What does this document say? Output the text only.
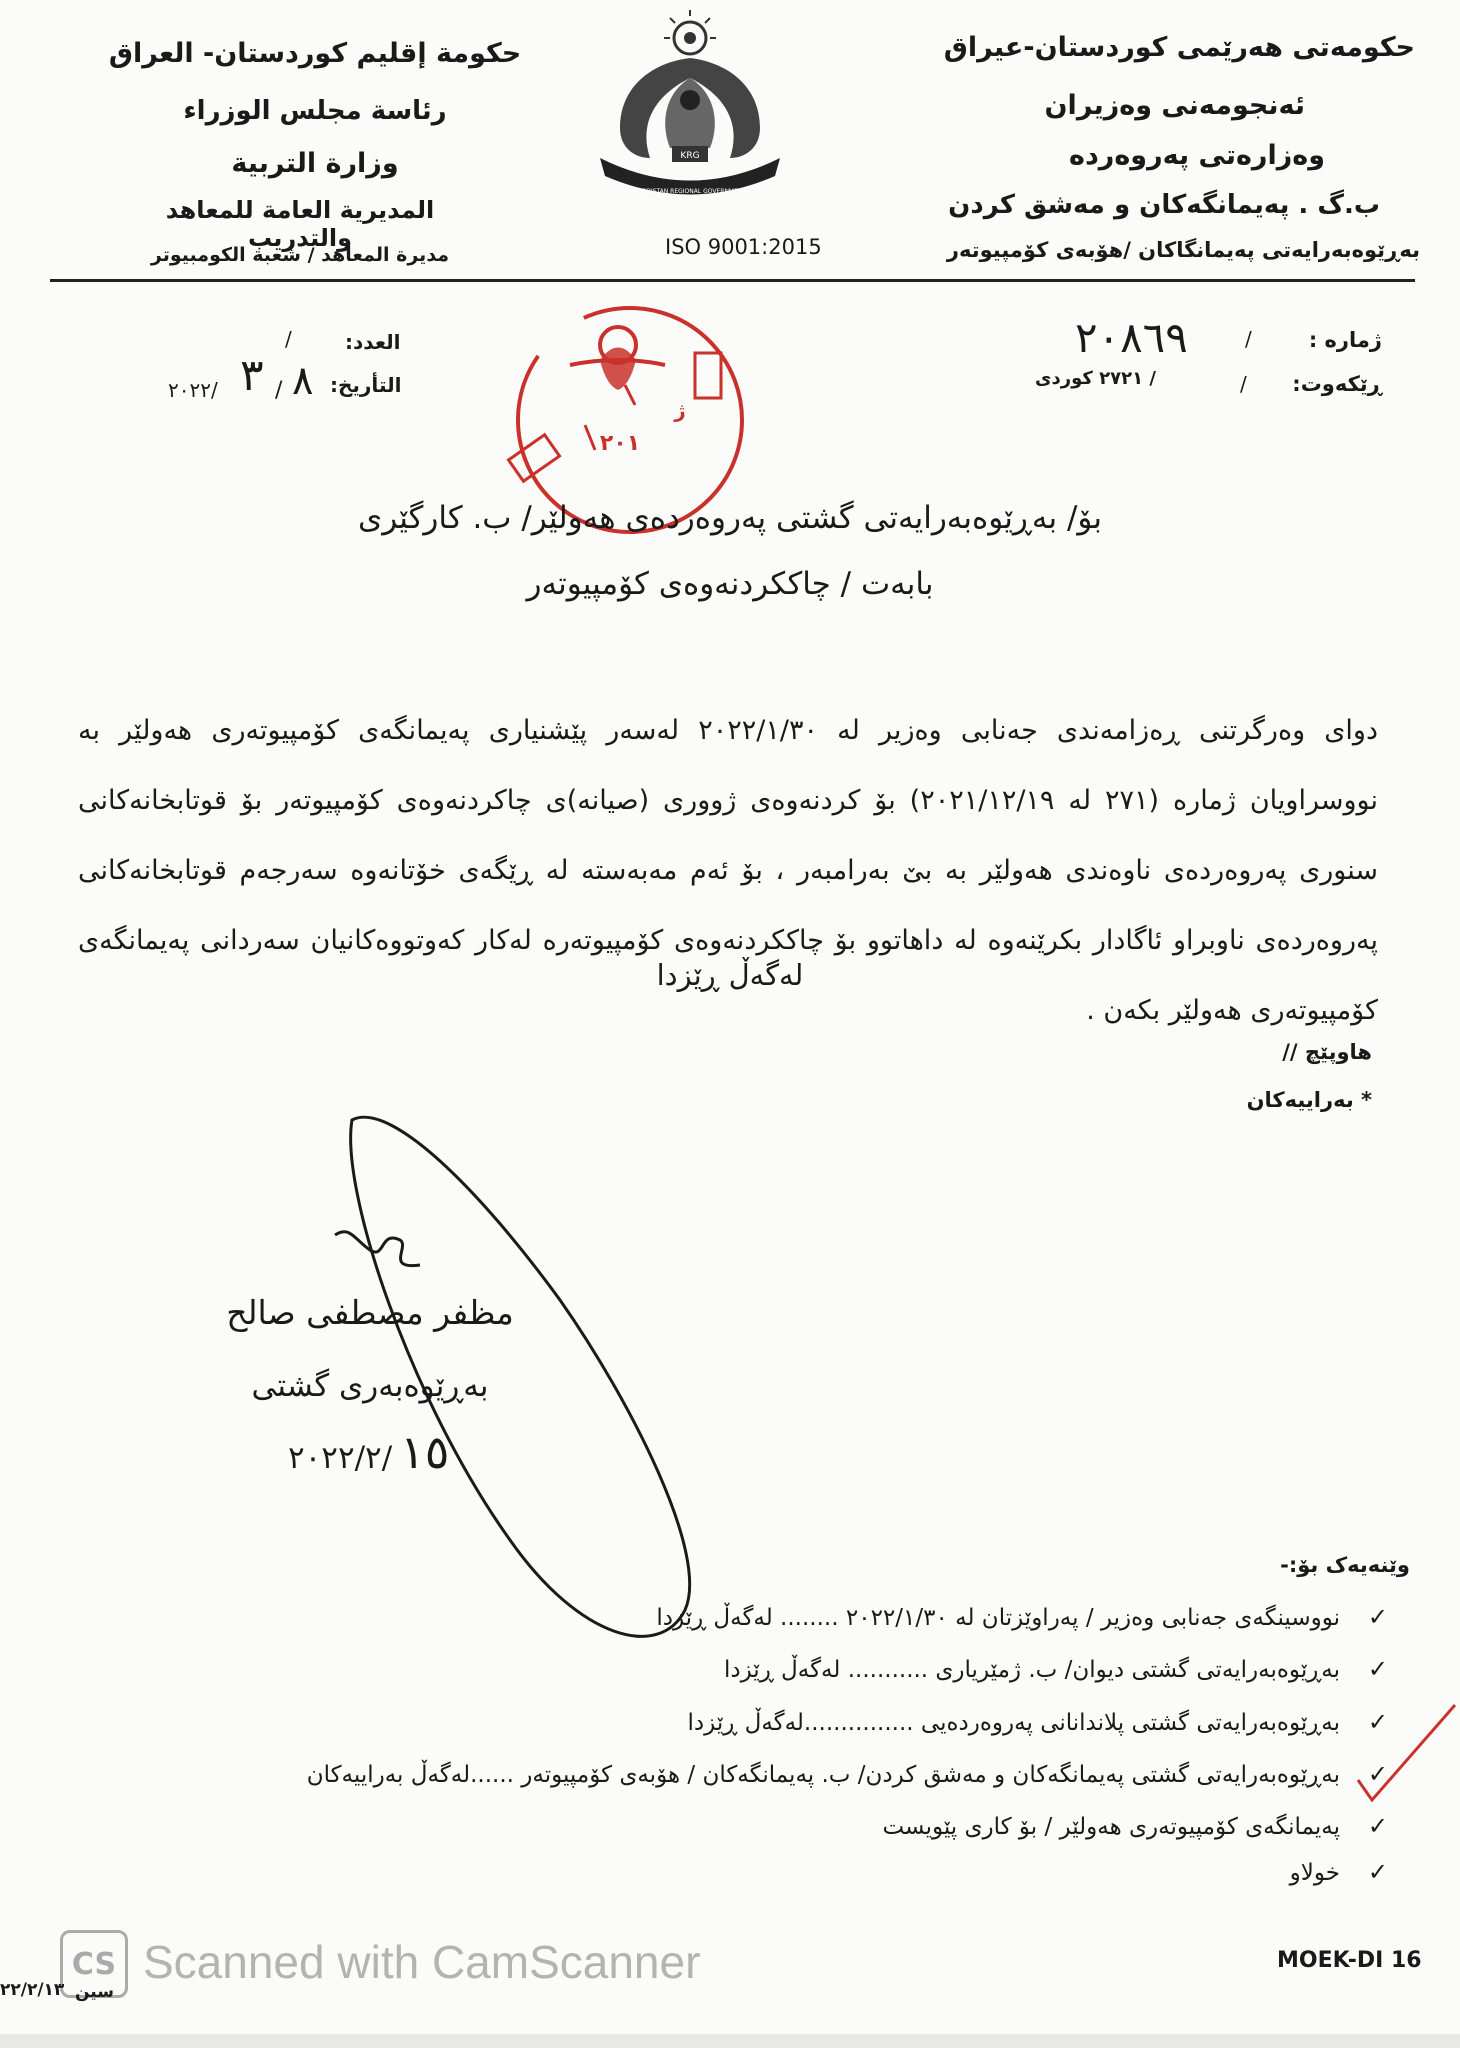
حکومەتی هەرێمی کوردستان-عیراق
ئەنجومەنی وەزیران
وەزارەتی پەروەردە
ب.گ . پەیمانگەکان و مەشق کردن
بەڕێوەبەرایەتی پەیمانگاکان /هۆبەی کۆمپیوتەر
حكومة إقليم كوردستان- العراق
رئاسة مجلس الوزراء
وزارة التربية
المديرية العامة للمعاهد والتدريب
مديرة المعاهد / شعبة الكومبيوتر
KRG
KURDISTAN REGIONAL GOVERNMENT
ISO 9001:2015
ژمارە :
٢٠٨٦٩	/
ڕێکەوت:
/ ٢٧٢١ کوردی	/
العدد:
/
التأريخ:
٨
/
٣
٢٠٢٢/
٢٠١
ژ
بۆ/ بەڕێوەبەرایەتی گشتی پەروەردەی هەولێر/ ب. کارگێری
بابەت / چاککردنەوەی کۆمپیوتەر
دوای وەرگرتنی ڕەزامەندی جەنابی وەزیر لە ٢٠٢٢/١/٣٠ لەسەر پێشنیاری پەیمانگەی کۆمپیوتەری هەولێر بە نووسراویان ژمارە (٢٧١ لە ٢٠٢١/١٢/١٩) بۆ کردنەوەی ژووری (صیانە)ی چاکردنەوەی کۆمپیوتەر بۆ قوتابخانەکانی سنوری پەروەردەی ناوەندی هەولێر بە بێ بەرامبەر ، بۆ ئەم مەبەستە لە ڕێگەی خۆتانەوە سەرجەم قوتابخانەکانی پەروەردەی ناوبراو ئاگادار بکرێنەوە لە داهاتوو بۆ چاککردنەوەی کۆمپیوتەرە لەکار کەوتووەکانیان سەردانی پەیمانگەی کۆمپیوتەری هەولێر بکەن .
لەگەڵ ڕێزدا
هاوپێچ //
* بەراییەکان
مظفر مصطفى صالح
بەڕێوەبەری گشتی
٢٠٢٢/٢/ ١٥
وێنەیەک بۆ:-
✓نووسینگەی جەنابی وەزیر / پەراوێزتان لە ٢٠٢٢/١/٣٠ ........ لەگەڵ ڕێزدا
✓بەڕێوەبەرایەتی گشتی دیوان/ ب. ژمێریاری ........... لەگەڵ ڕێزدا
✓بەڕێوەبەرایەتی گشتی پلاندانانی پەروەردەیی ...............لەگەڵ ڕێزدا
✓بەڕێوەبەرایەتی گشتی پەیمانگەکان و مەشق کردن/ ب. پەیمانگەکان / هۆبەی کۆمپیوتەر ......لەگەڵ بەراییەکان
✓پەیمانگەی کۆمپیوتەری هەولێر / بۆ کاری پێویست
✓خولاو
MOEK-DI 16
CS Scanned with CamScanner
٢٢/٢/١٣ سین
